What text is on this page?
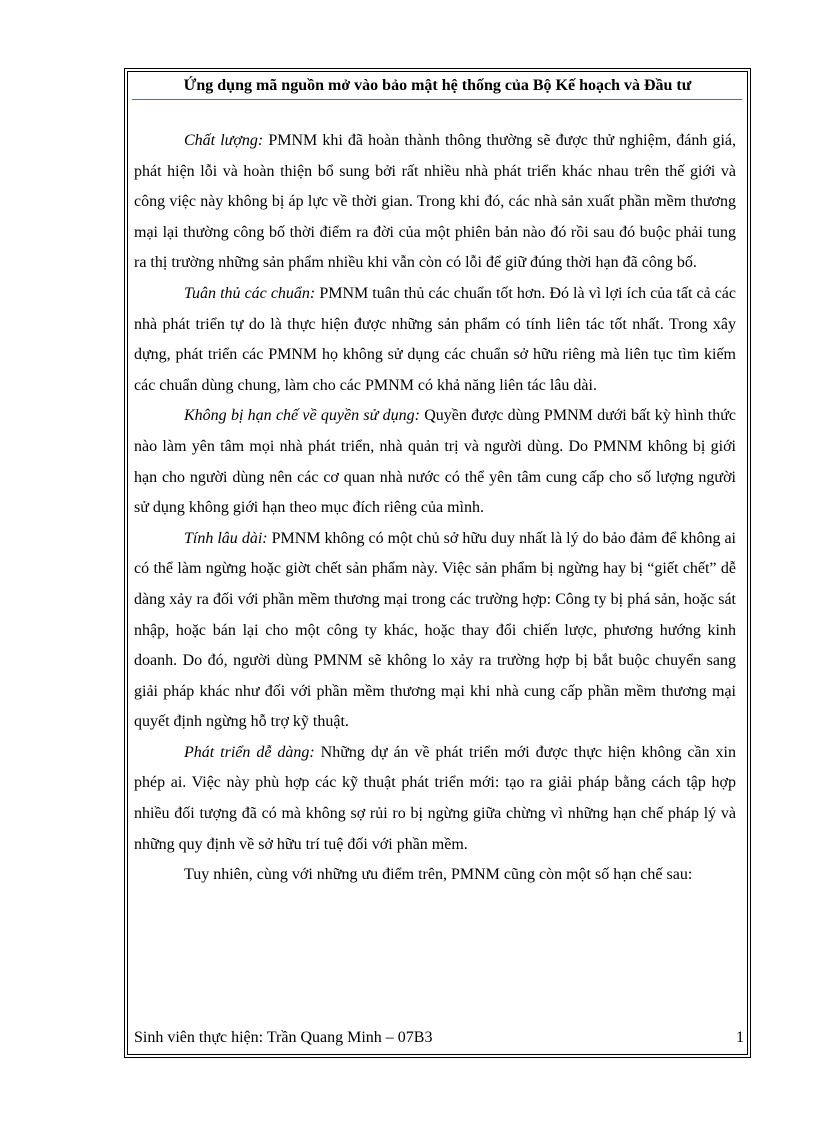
Ứng dụng mã nguồn mở vào bảo mật hệ thống của Bộ Kế hoạch và Đầu tư

Chất lượng: PMNM khi đã hoàn thành thông thường sẽ được thử nghiệm, đánh giá, phát hiện lỗi và hoàn thiện bổ sung bởi rất nhiều nhà phát triển khác nhau trên thế giới và công việc này không bị áp lực về thời gian. Trong khi đó, các nhà sản xuất phần mềm thương mại lại thường công bố thời điểm ra đời của một phiên bản nào đó rồi sau đó buộc phải tung ra thị trường những sản phẩm nhiều khi vẫn còn có lỗi để giữ đúng thời hạn đã công bố.

Tuân thủ các chuẩn: PMNM tuân thủ các chuẩn tốt hơn. Đó là vì lợi ích của tất cả các nhà phát triển tự do là thực hiện được những sản phẩm có tính liên tác tốt nhất. Trong xây dựng, phát triển các PMNM họ không sử dụng các chuẩn sở hữu riêng mà liên tục tìm kiếm các chuẩn dùng chung, làm cho các PMNM có khả năng liên tác lâu dài.

Không bị hạn chế về quyền sử dụng: Quyền được dùng PMNM dưới bất kỳ hình thức nào làm yên tâm mọi nhà phát triển, nhà quản trị và người dùng. Do PMNM không bị giới hạn cho người dùng nên các cơ quan nhà nước có thể yên tâm cung cấp cho số lượng người sử dụng không giới hạn theo mục đích riêng của mình.

Tính lâu dài: PMNM không có một chủ sở hữu duy nhất là lý do bảo đảm để không ai có thể làm ngừng hoặc giờt chết sản phẩm này. Việc sản phẩm bị ngừng hay bị “giết chết” dễ dàng xảy ra đối với phần mềm thương mại trong các trường hợp: Công ty bị phá sản, hoặc sát nhập, hoặc bán lại cho một công ty khác, hoặc thay đổi chiến lược, phương hướng kinh doanh. Do đó, người dùng PMNM sẽ không lo xảy ra trường hợp bị bắt buộc chuyển sang giải pháp khác như đối với phần mềm thương mại khi nhà cung cấp phần mềm thương mại quyết định ngừng hỗ trợ kỹ thuật.

Phát triển dễ dàng: Những dự án về phát triển mới được thực hiện không cần xin phép ai. Việc này phù hợp các kỹ thuật phát triển mới: tạo ra giải pháp bằng cách tập hợp nhiều đối tượng đã có mà không sợ rủi ro bị ngừng giữa chừng vì những hạn chế pháp lý và những quy định về sở hữu trí tuệ đối với phần mềm.

Tuy nhiên, cùng với những ưu điểm trên, PMNM cũng còn một số hạn chế sau:

Sinh viên thực hiện: Trần Quang Minh – 07B3	1
